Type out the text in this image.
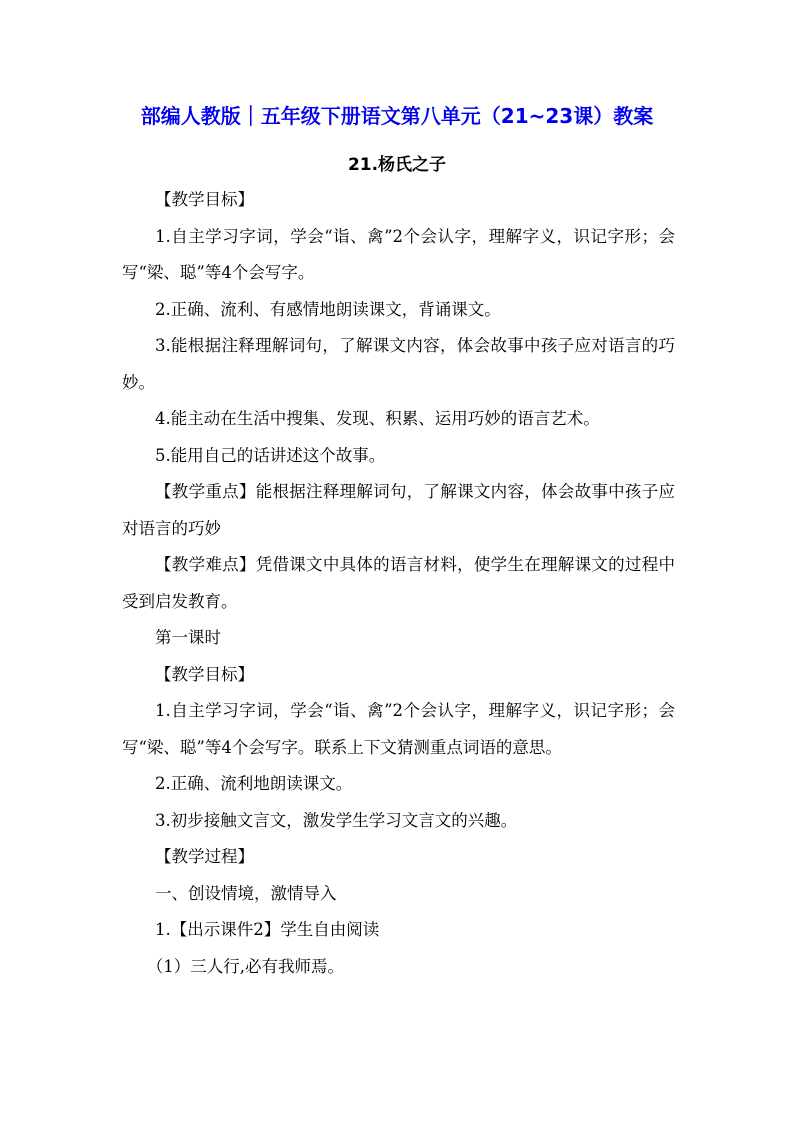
部编人教版｜五年级下册语文第八单元（21~23课）教案
21.杨氏之子

【教学目标】

1.自主学习字词，学会“诣、禽”2个会认字，理解字义，识记字形；会写“梁、聪”等4个会写字。

2.正确、流利、有感情地朗读课文，背诵课文。

3.能根据注释理解词句，了解课文内容，体会故事中孩子应对语言的巧妙。

4.能主动在生活中搜集、发现、积累、运用巧妙的语言艺术。

5.能用自己的话讲述这个故事。

【教学重点】能根据注释理解词句，了解课文内容，体会故事中孩子应对语言的巧妙

【教学难点】凭借课文中具体的语言材料，使学生在理解课文的过程中受到启发教育。

第一课时

【教学目标】

1.自主学习字词，学会“诣、禽”2个会认字，理解字义，识记字形；会写“梁、聪”等4个会写字。联系上下文猜测重点词语的意思。

2.正确、流利地朗读课文。

3.初步接触文言文，激发学生学习文言文的兴趣。

【教学过程】

一、创设情境，激情导入

1.【出示课件2】学生自由阅读

（1）三人行,必有我师焉。
